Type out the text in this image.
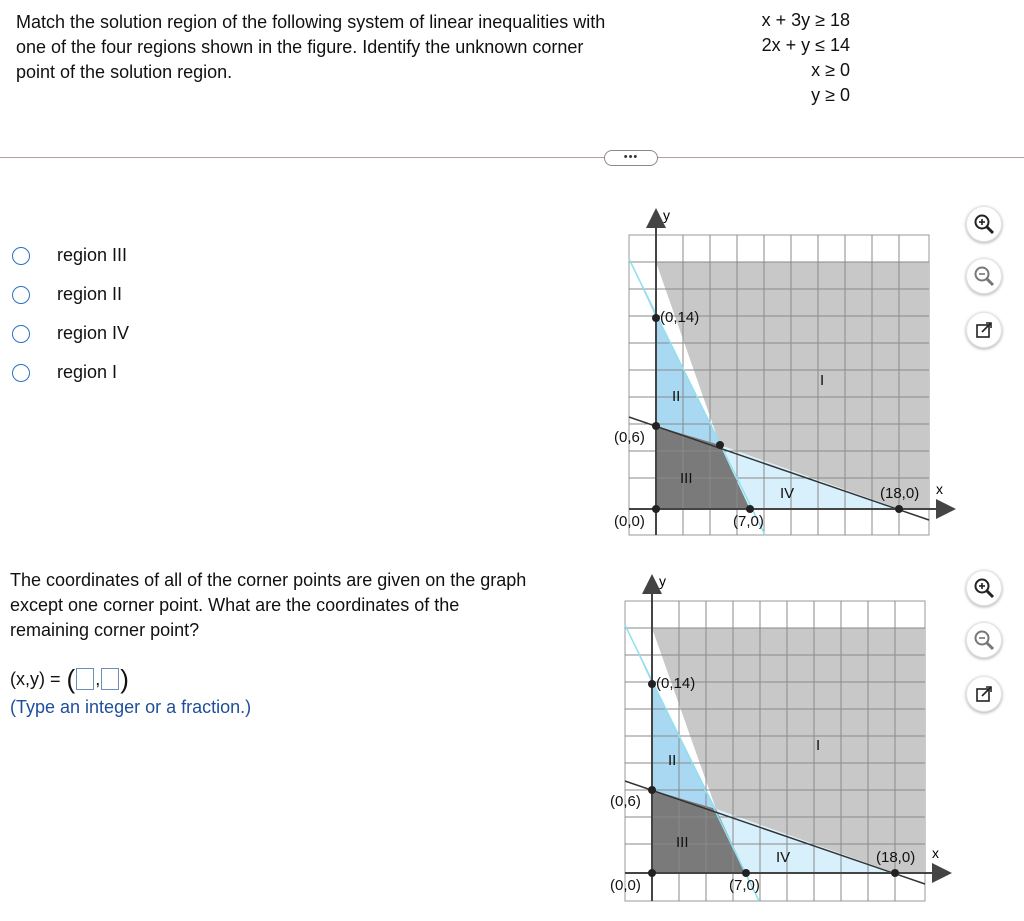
Match the solution region of the following system of linear inequalities with
one of the four regions shown in the figure. Identify the unknown corner
point of the solution region.
x + 3y ≥ 18
2x + y ≤ 14
x ≥ 0
y ≥ 0
•••
region III
region II
region IV
region I
y
x
(0,14)
(0,6)
(0,0)	(7,0)
(18,0)
I
II
III
IV
The coordinates of all of the corner points are given on the graph
except one corner point. What are the coordinates of the
remaining corner point?
(x,y) = ( , )
(Type an integer or a fraction.)
y
x
(0,14)
(0,6)
(0,0)	(7,0)
(18,0)
I
II
III
IV
